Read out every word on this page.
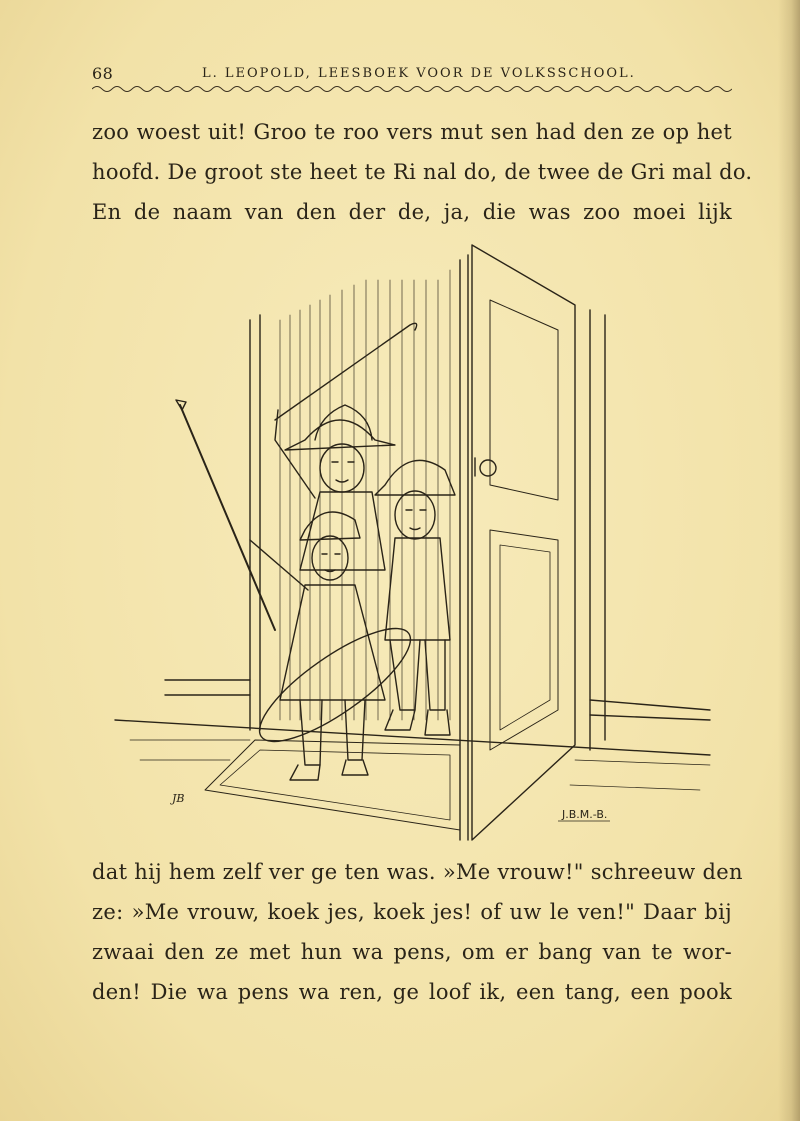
68	L. LEOPOLD, LEESBOEK VOOR DE VOLKSSCHOOL.
zoo woest uit! Groo te roo vers mut sen had den ze op het
hoofd. De groot ste heet te Ri nal do, de twee de Gri mal do.
En de naam van den der de, ja, die was zoo moei lijk
JB
J.B.M.-B.
dat hij hem zelf ver ge ten was. »Me vrouw!" schreeuw den
ze: »Me vrouw, koek jes, koek jes! of uw le ven!" Daar bij
zwaai den ze met hun wa pens, om er bang van te wor-
den! Die wa pens wa ren, ge loof ik, een tang, een pook
